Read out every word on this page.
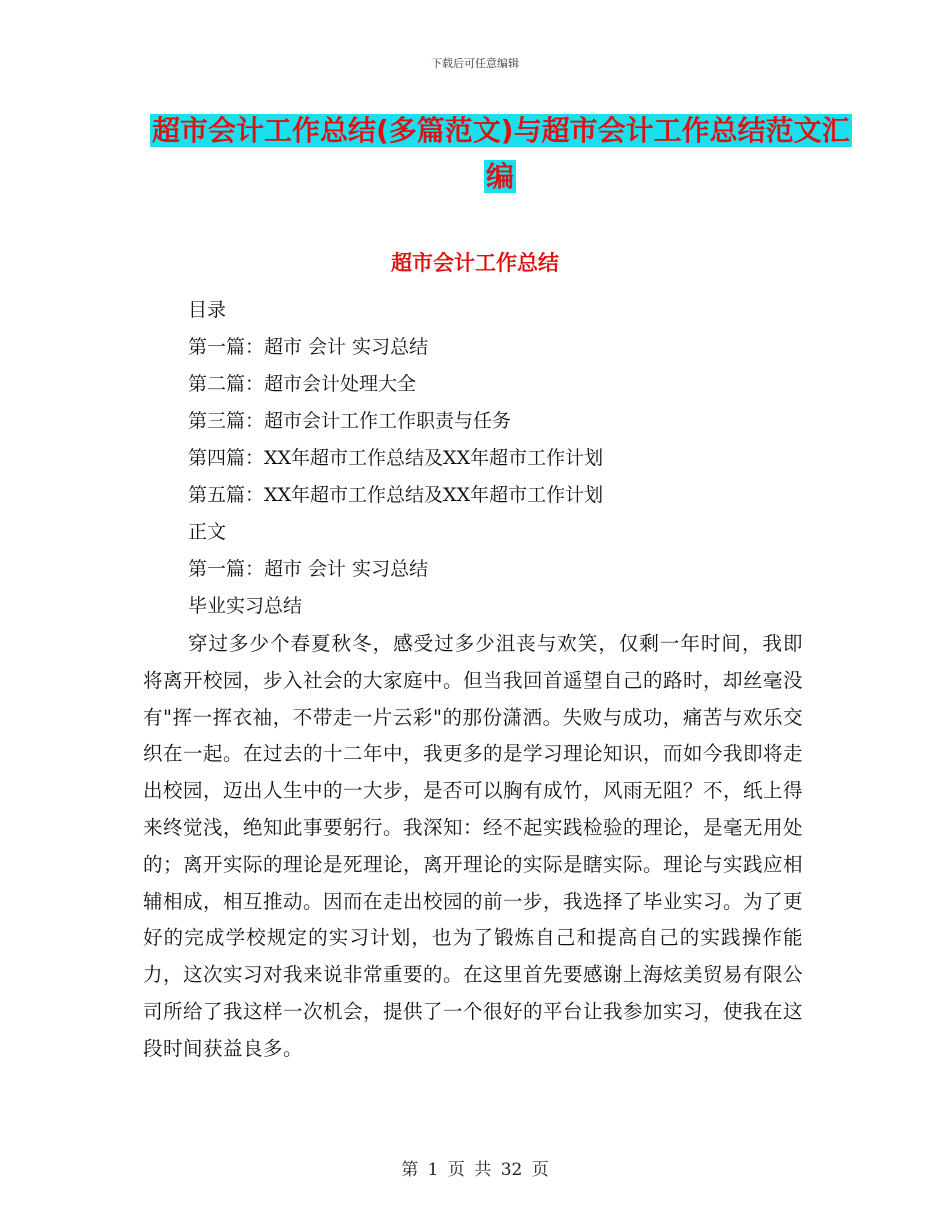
下载后可任意编辑
超市会计工作总结(多篇范文)与超市会计工作总结范文汇编
超市会计工作总结
目录
第一篇：超市 会计 实习总结
第二篇：超市会计处理大全
第三篇：超市会计工作工作职责与任务
第四篇：XX年超市工作总结及XX年超市工作计划
第五篇：XX年超市工作总结及XX年超市工作计划
正文
第一篇：超市 会计 实习总结
毕业实习总结

穿过多少个春夏秋冬，感受过多少沮丧与欢笑，仅剩一年时间，我即将离开校园，步入社会的大家庭中。但当我回首遥望自己的路时，却丝毫没有"挥一挥衣袖，不带走一片云彩"的那份潇洒。失败与成功，痛苦与欢乐交织在一起。在过去的十二年中，我更多的是学习理论知识，而如今我即将走出校园，迈出人生中的一大步，是否可以胸有成竹，风雨无阻？不，纸上得来终觉浅，绝知此事要躬行。我深知：经不起实践检验的理论，是毫无用处的；离开实际的理论是死理论，离开理论的实际是瞎实际。理论与实践应相辅相成，相互推动。因而在走出校园的前一步，我选择了毕业实习。为了更好的完成学校规定的实习计划，也为了锻炼自己和提高自己的实践操作能力，这次实习对我来说非常重要的。在这里首先要感谢上海炫美贸易有限公司所给了我这样一次机会，提供了一个很好的平台让我参加实习，使我在这段时间获益良多。

第 1 页 共 32 页
